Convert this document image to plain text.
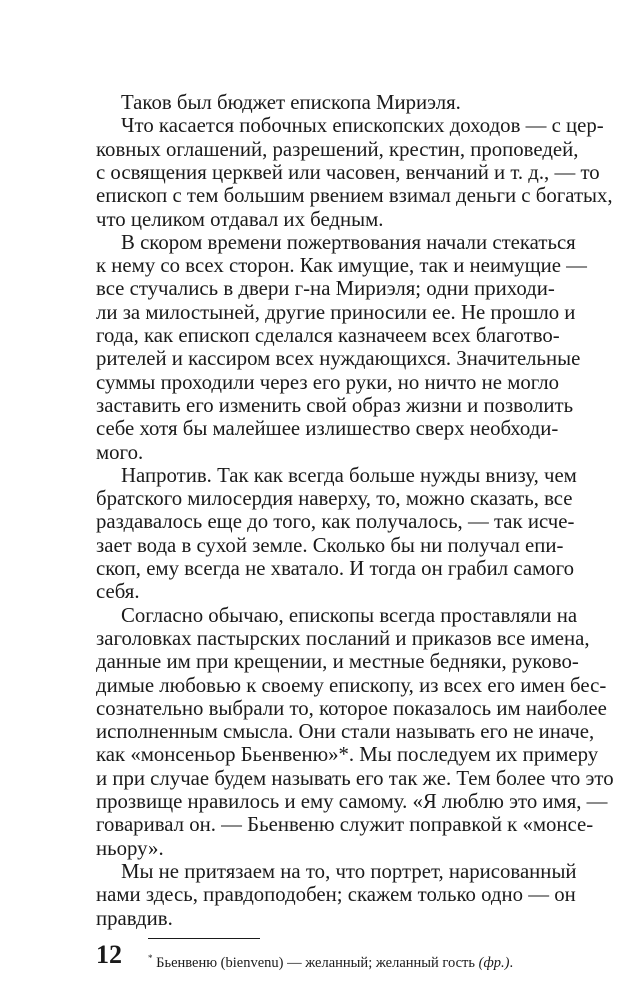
Таков был бюджет епископа Мириэля.
Что касается побочных епископских доходов — с цер-
ковных оглашений, разрешений, крестин, проповедей,
с освящения церквей или часовен, венчаний и т. д., — то
епископ с тем большим рвением взимал деньги с богатых,
что целиком отдавал их бедным.
В скором времени пожертвования начали стекаться
к нему со всех сторон. Как имущие, так и неимущие —
все стучались в двери г-на Мириэля; одни приходи-
ли за милостыней, другие приносили ее. Не прошло и
года, как епископ сделался казначеем всех благотво-
рителей и кассиром всех нуждающихся. Значительные
суммы проходили через его руки, но ничто не могло
заставить его изменить свой образ жизни и позволить
себе хотя бы малейшее излишество сверх необходи-
мого.
Напротив. Так как всегда больше нужды внизу, чем
братского милосердия наверху, то, можно сказать, все
раздавалось еще до того, как получалось, — так исче-
зает вода в сухой земле. Сколько бы ни получал епи-
скоп, ему всегда не хватало. И тогда он грабил самого
себя.
Согласно обычаю, епископы всегда проставляли на
заголовках пастырских посланий и приказов все имена,
данные им при крещении, и местные бедняки, руково-
димые любовью к своему епископу, из всех его имен бес-
сознательно выбрали то, которое показалось им наиболее
исполненным смысла. Они стали называть его не иначе,
как «монсеньор Бьенвеню»*. Мы последуем их примеру
и при случае будем называть его так же. Тем более что это
прозвище нравилось и ему самому. «Я люблю это имя, —
говаривал он. — Бьенвеню служит поправкой к «монсе-
ньору».
Мы не притязаем на то, что портрет, нарисованный
нами здесь, правдоподобен; скажем только одно — он
правдив.
12	* Бьенвеню (bienvenu) — желанный; желанный гость (фр.).
